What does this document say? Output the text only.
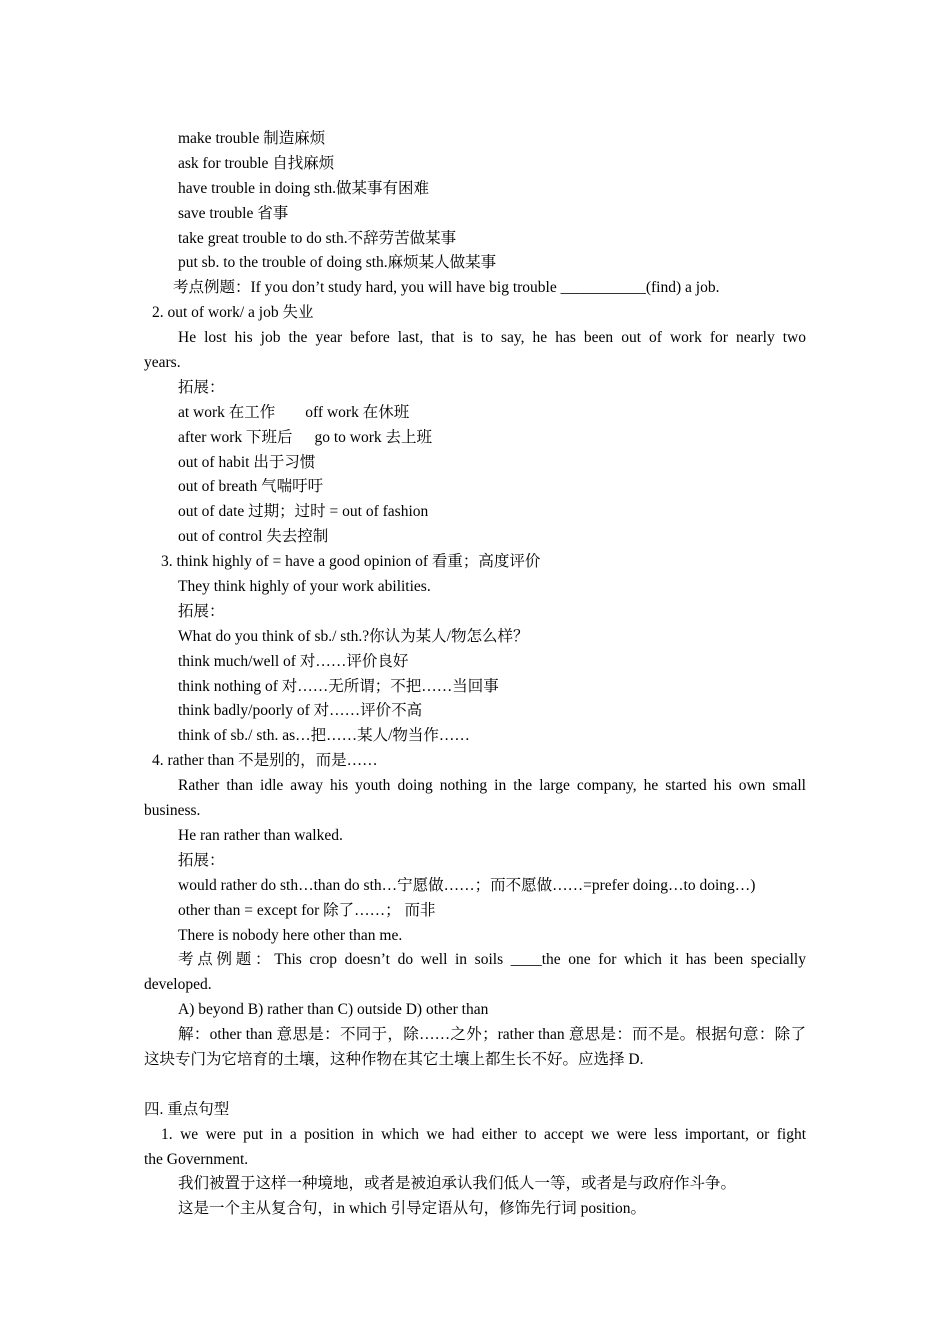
make trouble 制造麻烦
ask for trouble 自找麻烦
have trouble in doing sth.做某事有困难
save trouble 省事
take great trouble to do sth.不辞劳苦做某事
put sb. to the trouble of doing sth.麻烦某人做某事
考点例题：If you don’t study hard, you will have big trouble ___________(find) a job.
2. out of work/ a job 失业
He lost his job the year before last, that is to say, he has been out of work for nearly two
years.
拓展：
at work 在工作 off work 在休班
after work 下班后 go to work 去上班
out of habit 出于习惯
out of breath 气喘吁吁
out of date 过期；过时 = out of fashion
out of control 失去控制
3. think highly of = have a good opinion of 看重；高度评价
They think highly of your work abilities.
拓展：
What do you think of sb./ sth.?你认为某人/物怎么样？
think much/well of 对……评价良好
think nothing of 对……无所谓；不把……当回事
think badly/poorly of 对……评价不高
think of sb./ sth. as…把……某人/物当作……
4. rather than 不是别的，而是……
Rather than idle away his youth doing nothing in the large company, he started his own small
business.
He ran rather than walked.
拓展：
would rather do sth…than do sth…宁愿做……；而不愿做……=prefer doing…to doing…)
other than = except for 除了……； 而非
There is nobody here other than me.
考点例题：This crop doesn’t do well in soils ____the one for which it has been specially
developed.
A) beyond B) rather than C) outside D) other than
解：other than 意思是：不同于，除……之外；rather than 意思是：而不是。根据句意：除了
这块专门为它培育的土壤，这种作物在其它土壤上都生长不好。应选择 D.
四. 重点句型
1. we were put in a position in which we had either to accept we were less important, or fight
the Government.
我们被置于这样一种境地，或者是被迫承认我们低人一等，或者是与政府作斗争。
这是一个主从复合句，in which 引导定语从句，修饰先行词 position。
